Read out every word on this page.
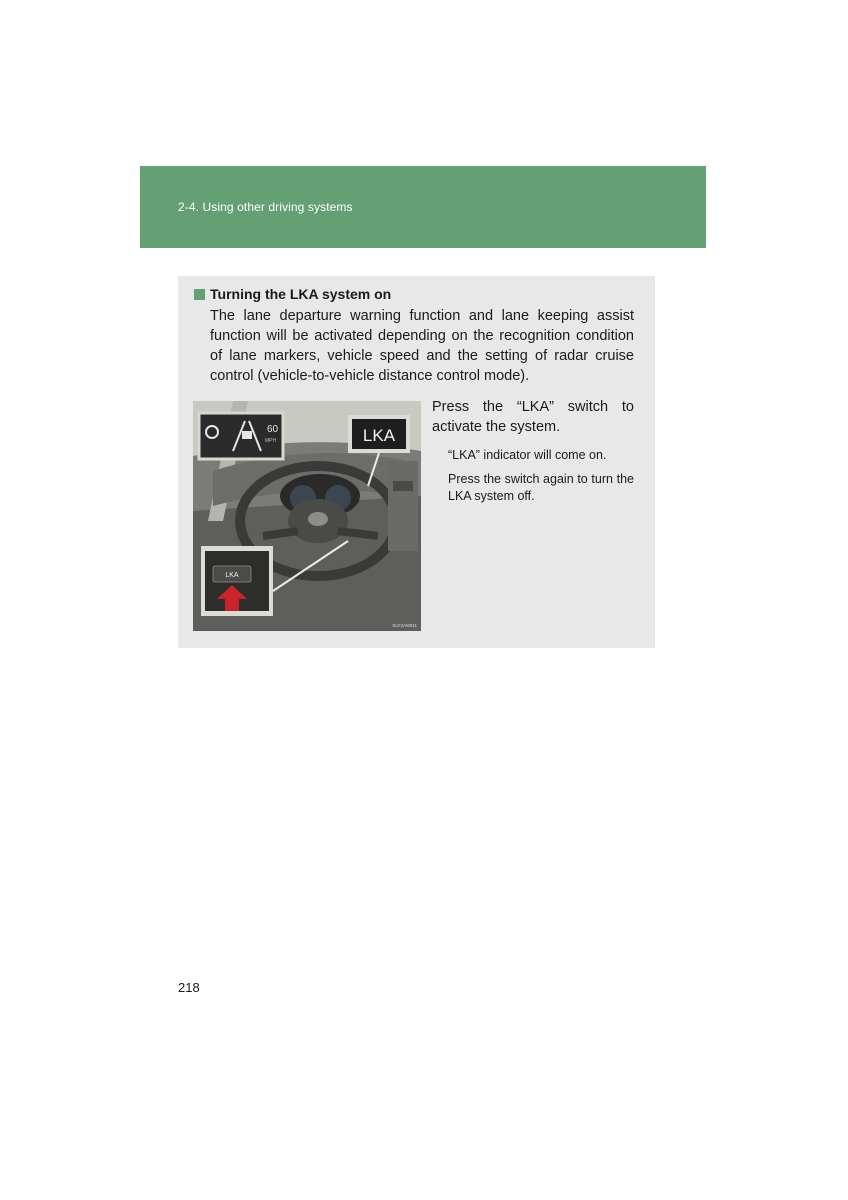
2-4. Using other driving systems
Turning the LKA system on
The lane departure warning function and lane keeping assist function will be activated depending on the recognition condition of lane markers, vehicle speed and the setting of radar cruise control (vehicle-to-vehicle distance control mode).
60
MPH	LKA
LKA
SLY3AM011
Press the “LKA” switch to activate the system.
“LKA” indicator will come on.
Press the switch again to turn the LKA system off.
218
